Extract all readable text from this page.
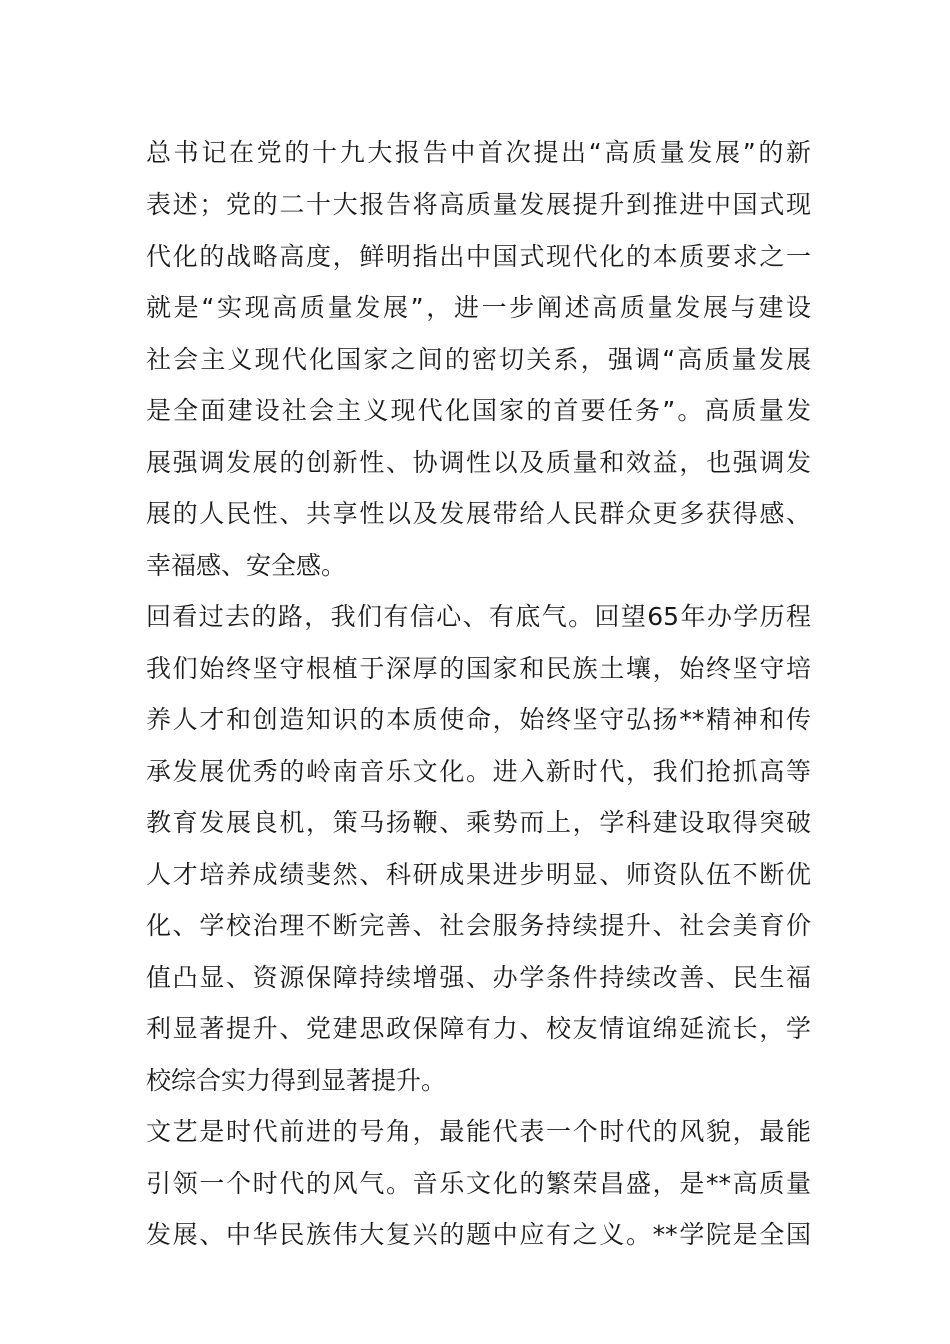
总书记在党的十九大报告中首次提出“高质量发展”的新
表述；党的二十大报告将高质量发展提升到推进中国式现
代化的战略高度，鲜明指出中国式现代化的本质要求之一
就是“实现高质量发展”，进一步阐述高质量发展与建设
社会主义现代化国家之间的密切关系，强调“高质量发展
是全面建设社会主义现代化国家的首要任务”。高质量发
展强调发展的创新性、协调性以及质量和效益，也强调发
展的人民性、共享性以及发展带给人民群众更多获得感、
幸福感、安全感。
回看过去的路，我们有信心、有底气。回望65年办学历程
我们始终坚守根植于深厚的国家和民族土壤，始终坚守培
养人才和创造知识的本质使命，始终坚守弘扬**精神和传
承发展优秀的岭南音乐文化。进入新时代，我们抢抓高等
教育发展良机，策马扬鞭、乘势而上，学科建设取得突破
人才培养成绩斐然、科研成果进步明显、师资队伍不断优
化、学校治理不断完善、社会服务持续提升、社会美育价
值凸显、资源保障持续增强、办学条件持续改善、民生福
利显著提升、党建思政保障有力、校友情谊绵延流长，学
校综合实力得到显著提升。
文艺是时代前进的号角，最能代表一个时代的风貌，最能
引领一个时代的风气。音乐文化的繁荣昌盛，是**高质量
发展、中华民族伟大复兴的题中应有之义。**学院是全国
